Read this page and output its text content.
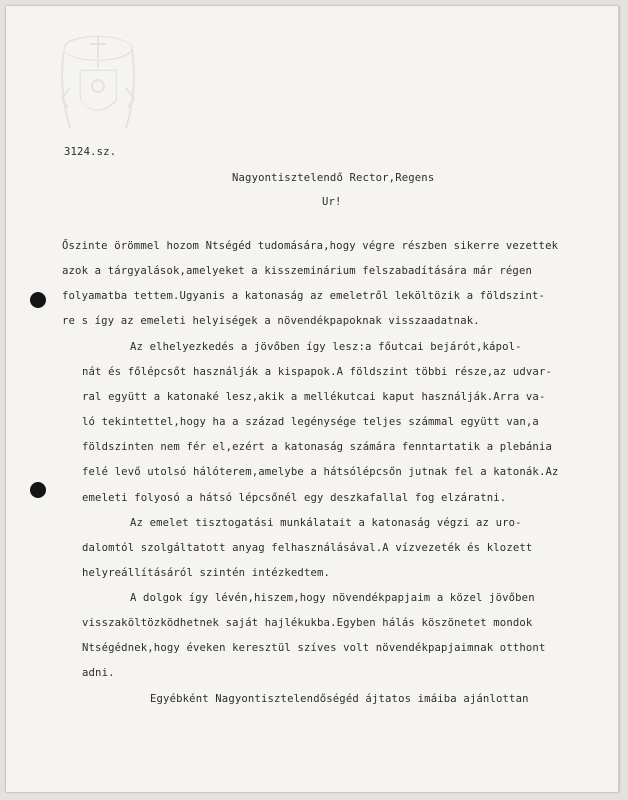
3124.sz.
Nagyontisztelendő Rector,Regens
Ur!
Őszinte örömmel hozom Ntségéd tudomására,hogy végre részben sikerre vezettek
azok a tárgyalások,amelyeket a kisszeminárium felszabadítására már régen
folyamatba tettem.Ugyanis a katonaság az emeletről leköltözik a földszint-
re s így az emeleti helyiségek a növendékpapoknak visszaadatnak.
Az elhelyezkedés a jövőben így lesz:a főutcai bejárót,kápol-
nát és főlépcsőt használják a kispapok.A földszint többi része,az udvar-
ral együtt a katonaké lesz,akik a mellékutcai kaput használják.Arra va-
ló tekintettel,hogy ha a század legénysége teljes számmal együtt van,a
földszinten nem fér el,ezért a katonaság számára fenntartatik a plebánia
felé levő utolsó hálóterem,amelybe a hátsólépcsőn jutnak fel a katonák.Az
emeleti folyosó a hátsó lépcsőnél egy deszkafallal fog elzáratni.
Az emelet tisztogatási munkálatait a katonaság végzi az uro-
dalomtól szolgáltatott anyag felhasználásával.A vízvezeték és klozett
helyreállításáról szintén intézkedtem.
A dolgok így lévén,hiszem,hogy növendékpapjaim a közel jövőben
visszaköltözködhetnek saját hajlékukba.Egyben hálás köszönetet mondok
Ntségédnek,hogy éveken keresztül szíves volt növendékpapjaimnak otthont
adni.
Egyébként Nagyontisztelendőségéd ájtatos imáiba ajánlottan
